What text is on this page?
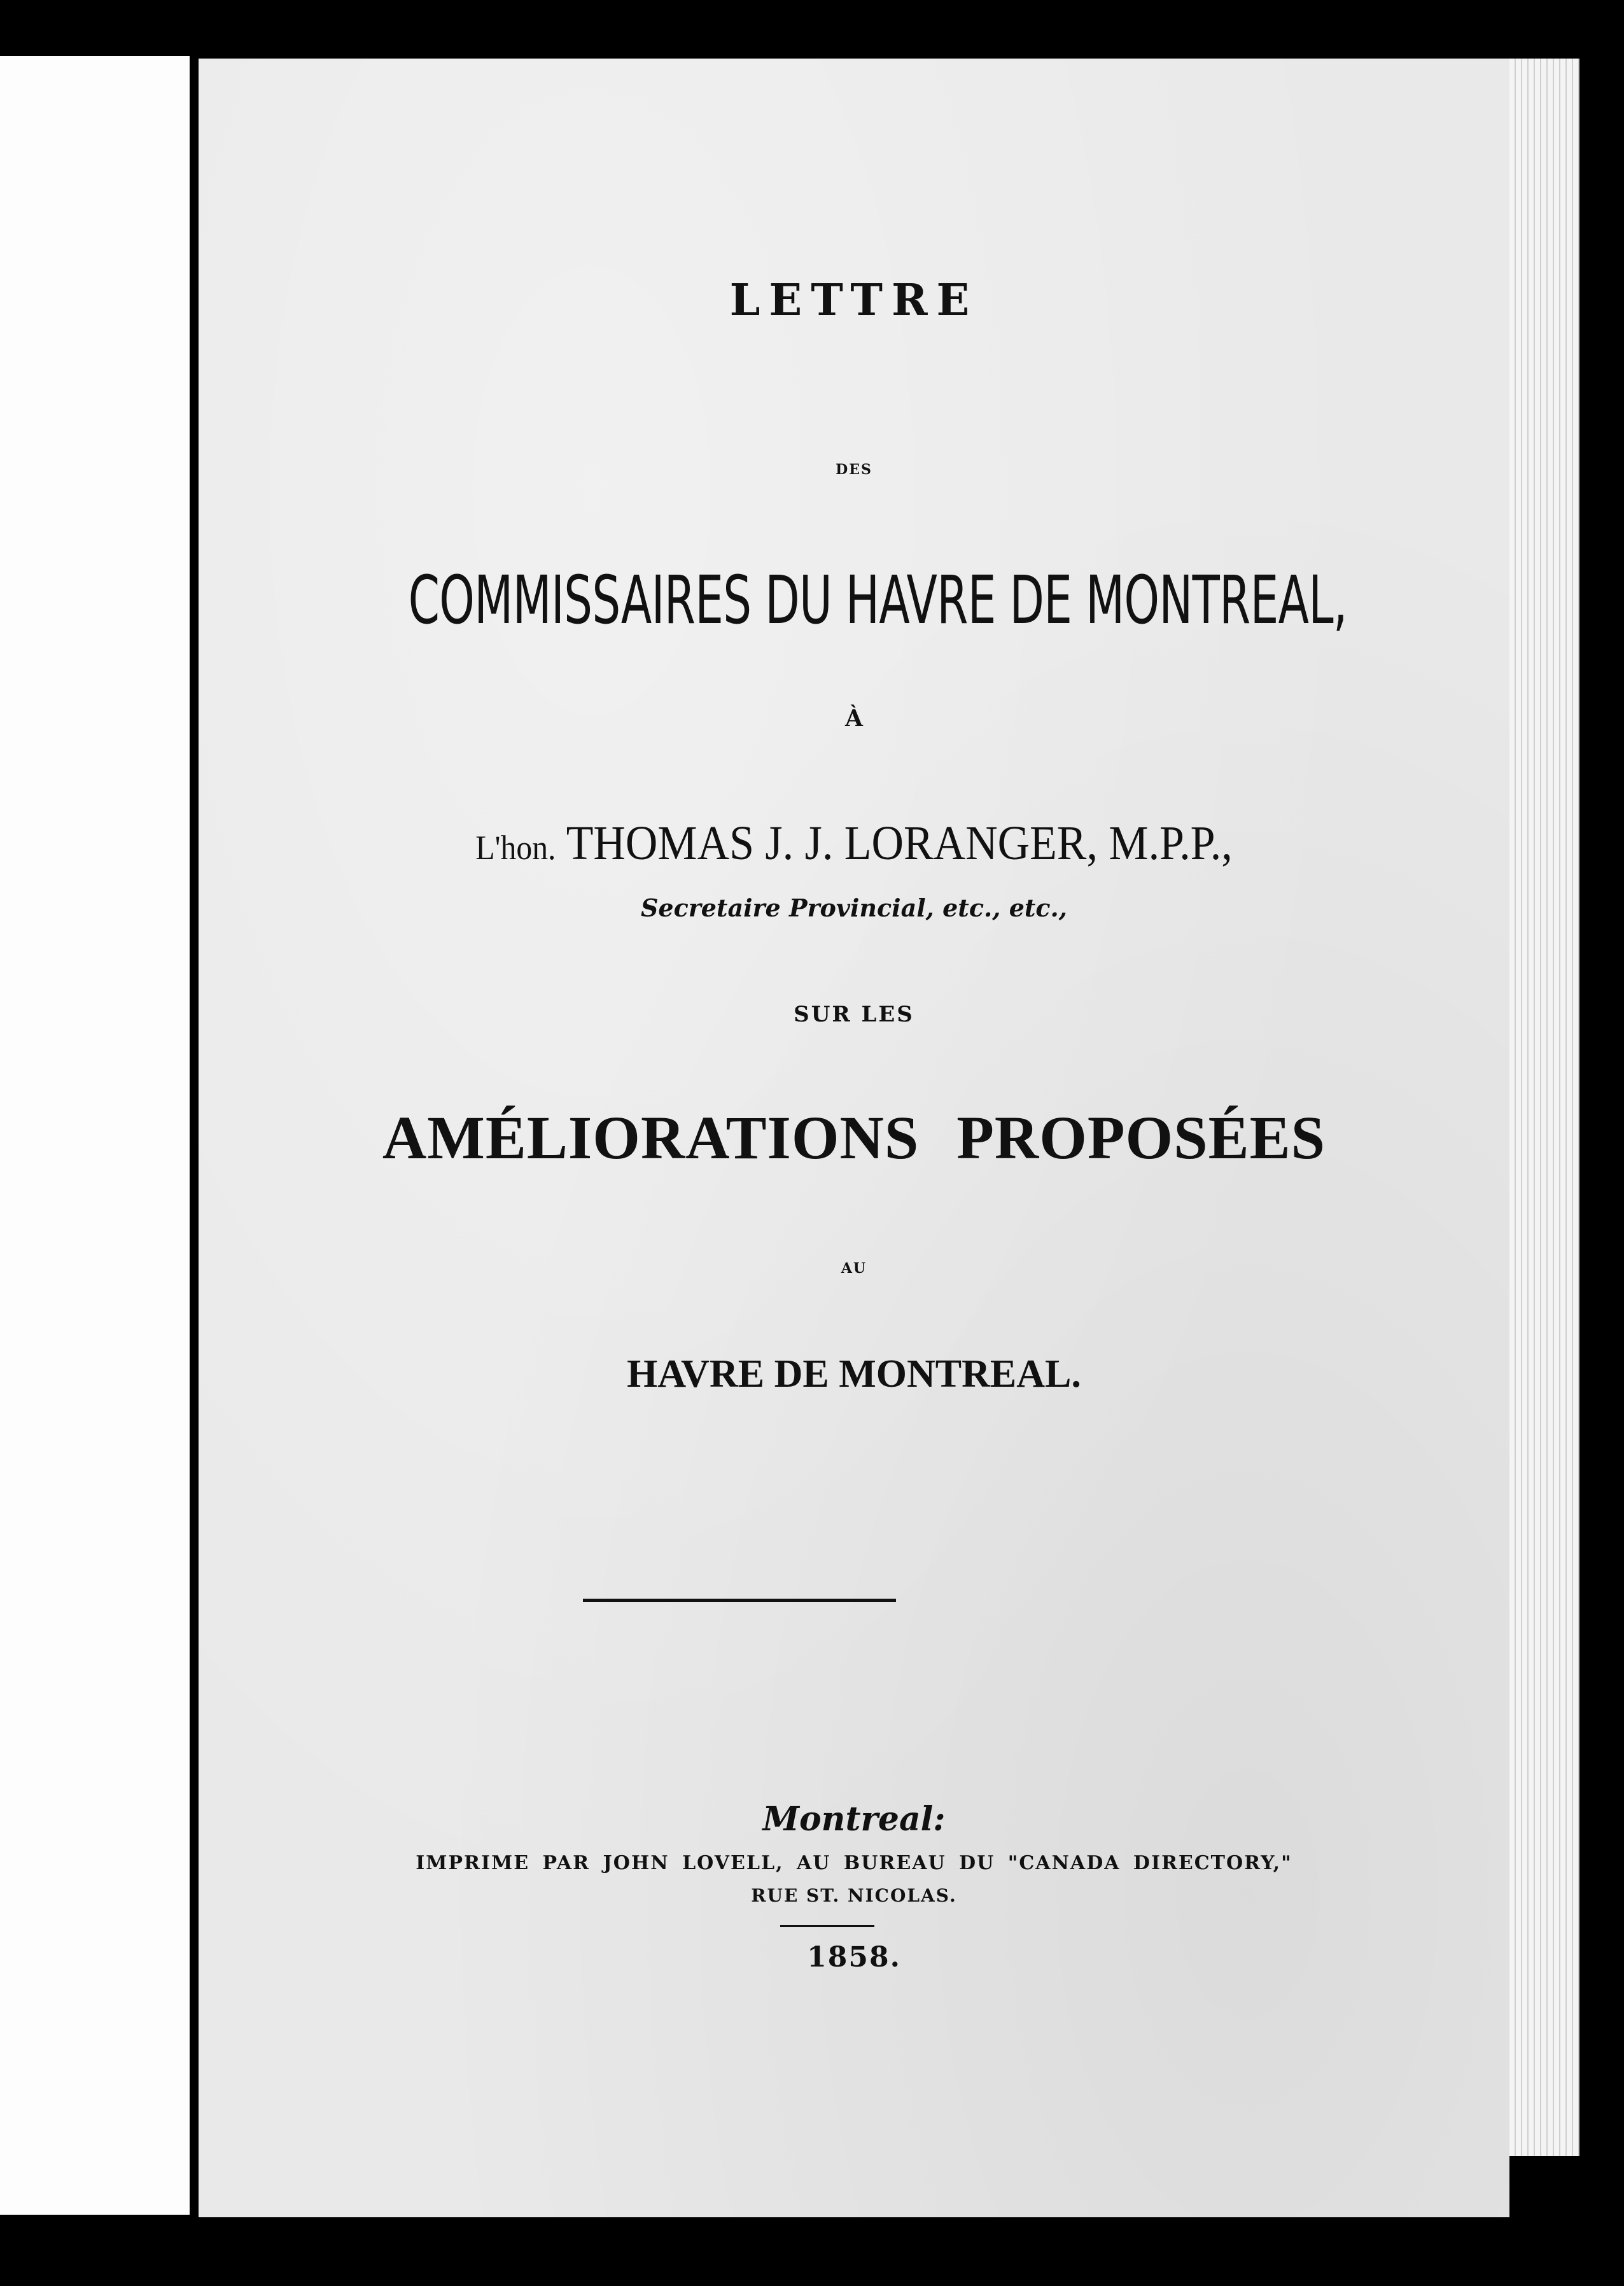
LETTRE
DES
COMMISSAIRES DU HAVRE DE MONTREAL,
À
L'hon. THOMAS J. J. LORANGER, M.P.P.,
Secretaire Provincial, etc., etc.,
SUR LES
AMÉLIORATIONS PROPOSÉES
AU
HAVRE DE MONTREAL.
Montreal:
IMPRIME PAR JOHN LOVELL, AU BUREAU DU "CANADA DIRECTORY,"
RUE ST. NICOLAS.
1858.
